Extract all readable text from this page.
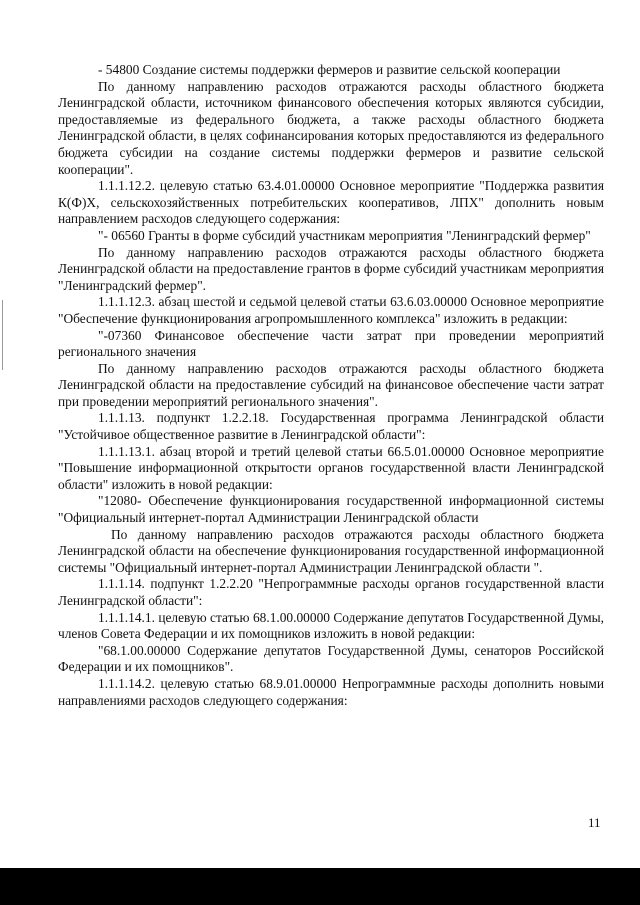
- 54800 Создание системы поддержки фермеров и развитие сельской кооперации

По данному направлению расходов отражаются расходы областного бюджета Ленинградской области, источником финансового обеспечения которых являются субсидии, предоставляемые из федерального бюджета, а также расходы областного бюджета Ленинградской области, в целях софинансирования которых предоставляются из федерального бюджета субсидии на создание системы поддержки фермеров и развитие сельской кооперации".

1.1.1.12.2. целевую статью 63.4.01.00000 Основное мероприятие "Поддержка развития К(Ф)Х, сельскохозяйственных потребительских кооперативов, ЛПХ" дополнить новым направлением расходов следующего содержания:

"- 06560 Гранты в форме субсидий участникам мероприятия "Ленинградский фермер"

По данному направлению расходов отражаются расходы областного бюджета Ленинградской области на предоставление грантов в форме субсидий участникам мероприятия "Ленинградский фермер".

1.1.1.12.3. абзац шестой и седьмой целевой статьи 63.6.03.00000 Основное мероприятие "Обеспечение функционирования агропромышленного комплекса" изложить в редакции:

"-07360 Финансовое обеспечение части затрат при проведении мероприятий регионального значения

По данному направлению расходов отражаются расходы областного бюджета Ленинградской области на предоставление субсидий на финансовое обеспечение части затрат при проведении мероприятий регионального значения".

1.1.1.13. подпункт 1.2.2.18. Государственная программа Ленинградской области "Устойчивое общественное развитие в Ленинградской области":

1.1.1.13.1. абзац второй и третий целевой статьи 66.5.01.00000 Основное мероприятие "Повышение информационной открытости органов государственной власти Ленинградской области" изложить в новой редакции:

"12080- Обеспечение функционирования государственной информационной системы "Официальный интернет-портал Администрации Ленинградской области

По данному направлению расходов отражаются расходы областного бюджета Ленинградской области на обеспечение функционирования государственной информационной системы "Официальный интернет-портал Администрации Ленинградской области ".

1.1.1.14. подпункт 1.2.2.20 "Непрограммные расходы органов государственной власти Ленинградской области":

1.1.1.14.1. целевую статью 68.1.00.00000 Содержание депутатов Государственной Думы, членов Совета Федерации и их помощников изложить в новой редакции:

"68.1.00.00000 Содержание депутатов Государственной Думы, сенаторов Российской Федерации и их помощников".

1.1.1.14.2. целевую статью 68.9.01.00000 Непрограммные расходы дополнить новыми направлениями расходов следующего содержания:

11
